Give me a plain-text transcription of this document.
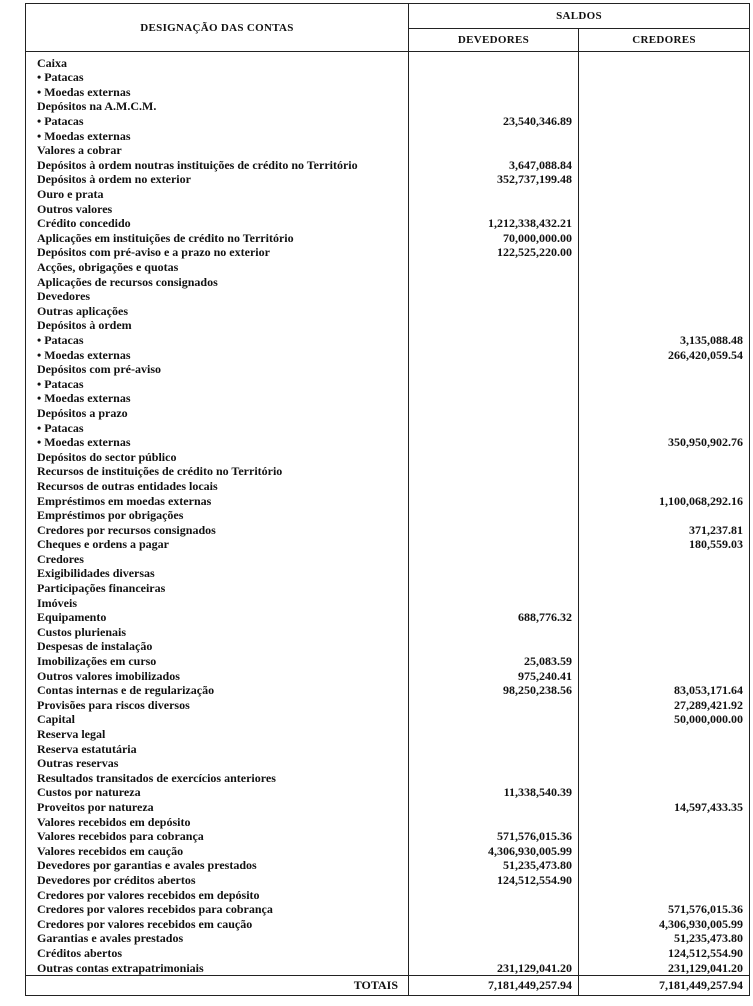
DESIGNAÇÃO DAS CONTAS	SALDOS	
	DEVEDORES	CREDORES
Caixa		
• Patacas		
• Moedas externas		
Depósitos na A.M.C.M.		
• Patacas	23,540,346.89	
• Moedas externas		
Valores a cobrar		
Depósitos à ordem noutras instituições de crédito no Território	3,647,088.84	
Depósitos à ordem no exterior	352,737,199.48	
Ouro e prata		
Outros valores		
Crédito concedido	1,212,338,432.21	
Aplicações em instituições de crédito no Território	70,000,000.00	
Depósitos com pré-aviso e a prazo no exterior	122,525,220.00	
Acções, obrigações e quotas		
Aplicações de recursos consignados		
Devedores		
Outras aplicações		
Depósitos à ordem		
• Patacas		3,135,088.48
• Moedas externas		266,420,059.54
Depósitos com pré-aviso		
• Patacas		
• Moedas externas		
Depósitos a prazo		
• Patacas		
• Moedas externas		350,950,902.76
Depósitos do sector público		
Recursos de instituições de crédito no Território		
Recursos de outras entidades locais		
Empréstimos em moedas externas		1,100,068,292.16
Empréstimos por obrigações		
Credores por recursos consignados		371,237.81
Cheques e ordens a pagar		180,559.03
Credores		
Exigibilidades diversas		
Participações financeiras		
Imóveis		
Equipamento	688,776.32	
Custos plurienais		
Despesas de instalação		
Imobilizações em curso	25,083.59	
Outros valores imobilizados	975,240.41	
Contas internas e de regularização	98,250,238.56	83,053,171.64
Provisões para riscos diversos		27,289,421.92
Capital		50,000,000.00
Reserva legal		
Reserva estatutária		
Outras reservas		
Resultados transitados de exercícios anteriores		
Custos por natureza	11,338,540.39	
Proveitos por natureza		14,597,433.35
Valores recebidos em depósito		
Valores recebidos para cobrança	571,576,015.36	
Valores recebidos em caução	4,306,930,005.99	
Devedores por garantias e avales prestados	51,235,473.80	
Devedores por créditos abertos	124,512,554.90	
Credores por valores recebidos em depósito		
Credores por valores recebidos para cobrança		571,576,015.36
Credores por valores recebidos em caução		4,306,930,005.99
Garantias e avales prestados		51,235,473.80
Créditos abertos		124,512,554.90
Outras contas extrapatrimoniais	231,129,041.20	231,129,041.20
TOTAIS	7,181,449,257.94	7,181,449,257.94
